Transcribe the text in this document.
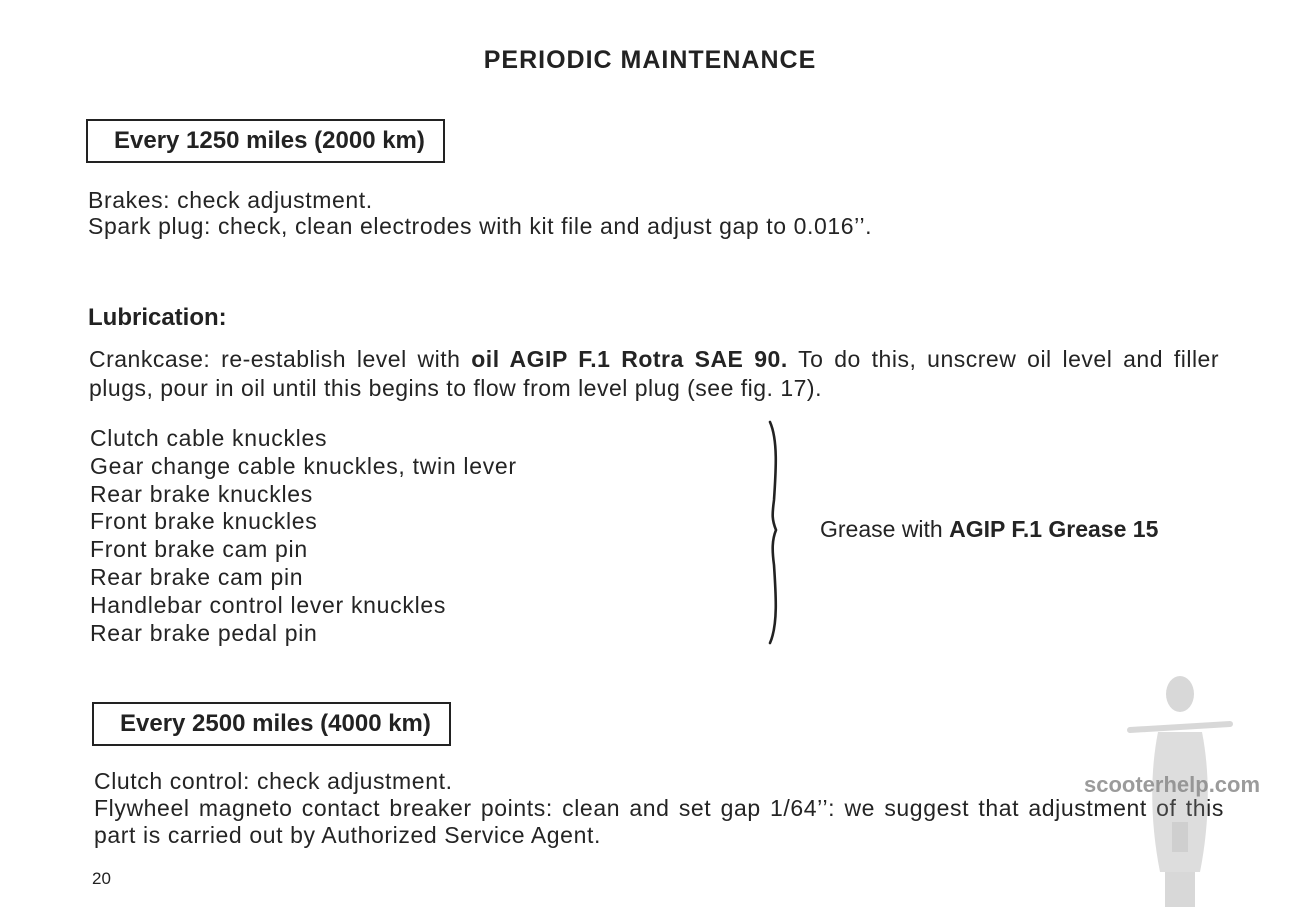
PERIODIC MAINTENANCE
Every 1250 miles (2000 km)
Brakes: check adjustment.
Spark plug: check, clean electrodes with kit file and adjust gap to 0.016’’.
Lubrication:
Crankcase: re-establish level with oil AGIP F.1 Rotra SAE 90. To do this, unscrew oil level and filler plugs, pour in oil until this begins to flow from level plug (see fig. 17).
Clutch cable knuckles
Gear change cable knuckles, twin lever
Rear brake knuckles
Front brake knuckles
Front brake cam pin
Rear brake cam pin
Handlebar control lever knuckles
Rear brake pedal pin
Grease with AGIP F.1 Grease 15
Every 2500 miles (4000 km)
Clutch control: check adjustment.
Flywheel magneto contact breaker points: clean and set gap 1/64’’: we suggest that adjustment of this part is carried out by Authorized Service Agent.
20
scooterhelp.com
